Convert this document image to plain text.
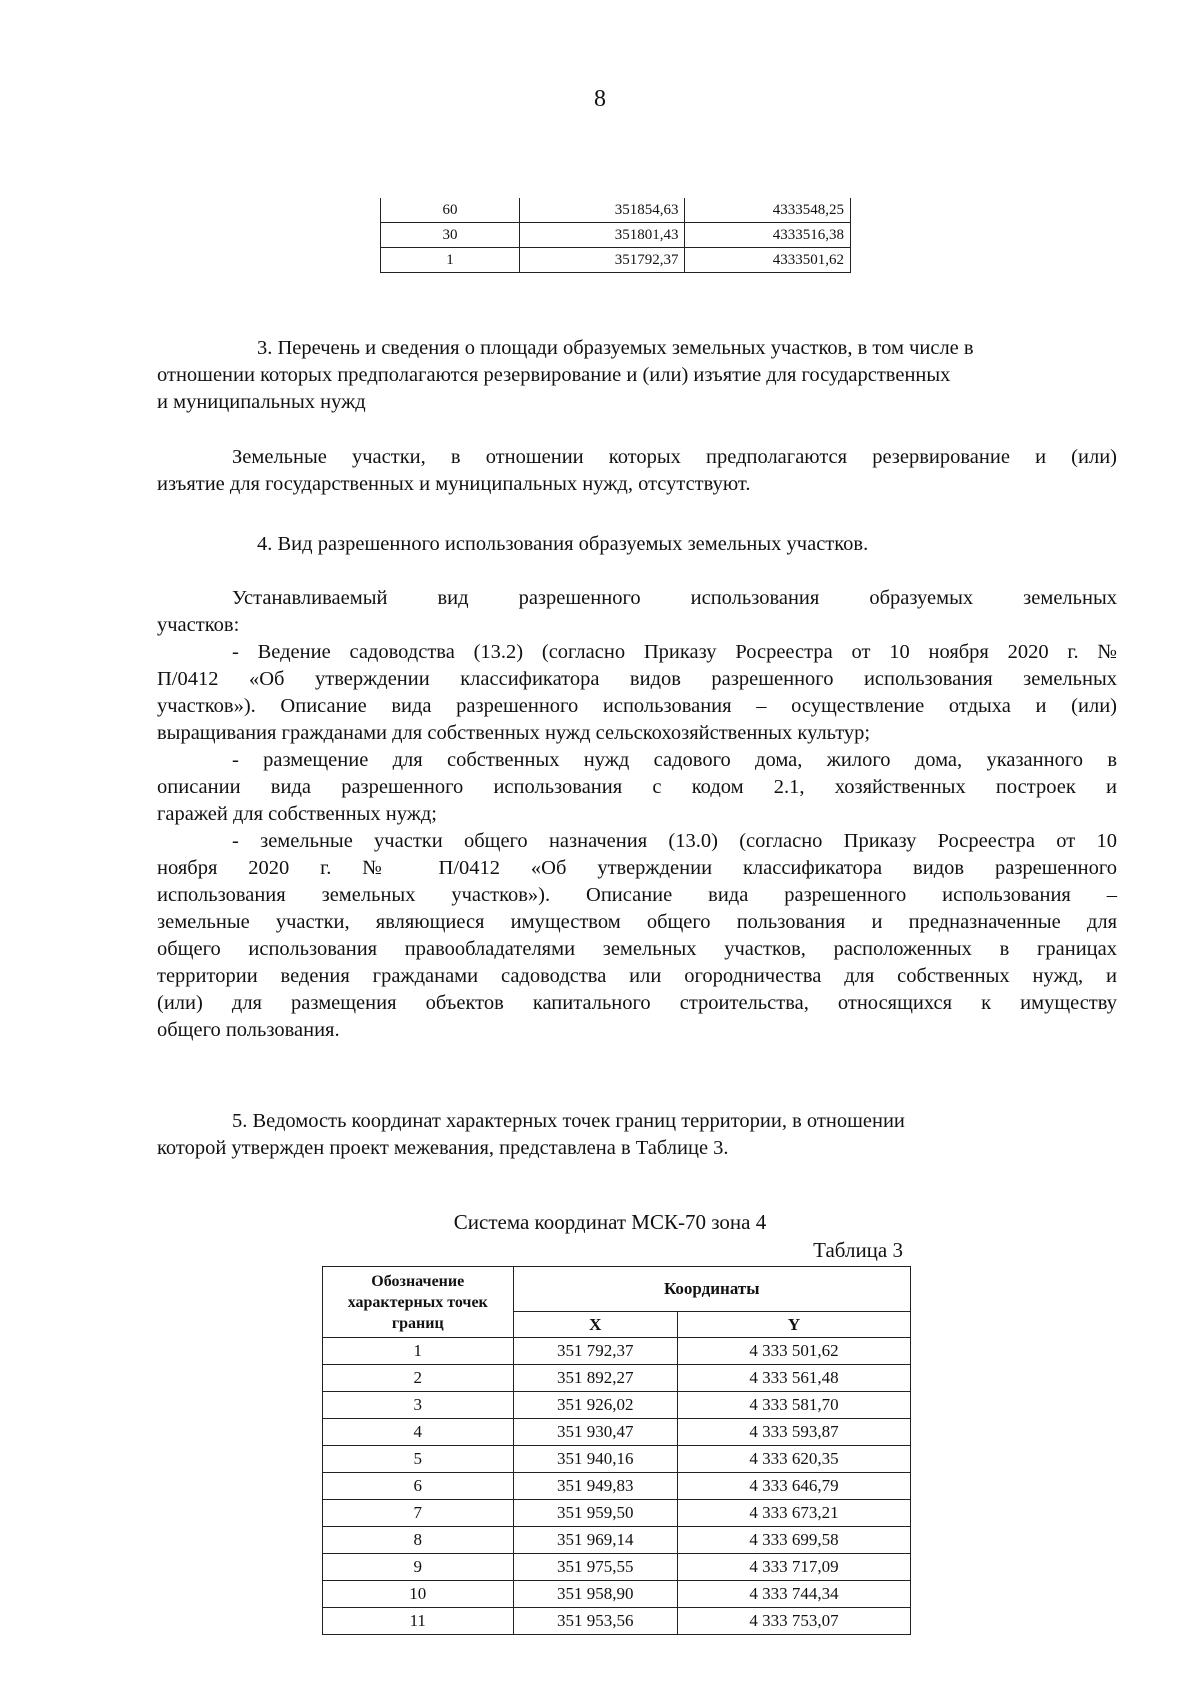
8
60	351854,63	4333548,25
30	351801,43	4333516,38
1	351792,37	4333501,62
3. Перечень и сведения о площади образуемых земельных участков, в том числе в
отношении которых предполагаются резервирование и (или) изъятие для государственных
и муниципальных нужд
Земельные участки, в отношении которых предполагаются резервирование и (или)
изъятие для государственных и муниципальных нужд, отсутствуют.
4. Вид разрешенного использования образуемых земельных участков.
Устанавливаемый вид разрешенного использования образуемых земельных
участков:
- Ведение садоводства (13.2) (согласно Приказу Росреестра от 10 ноября 2020 г. №
П/0412 «Об утверждении классификатора видов разрешенного использования земельных
участков»). Описание вида разрешенного использования – осуществление отдыха и (или)
выращивания гражданами для собственных нужд сельскохозяйственных культур;
- размещение для собственных нужд садового дома, жилого дома, указанного в
описании вида разрешенного использования с кодом 2.1, хозяйственных построек и
гаражей для собственных нужд;
- земельные участки общего назначения (13.0) (согласно Приказу Росреестра от 10
ноября 2020 г. № П/0412 «Об утверждении классификатора видов разрешенного
использования земельных участков»). Описание вида разрешенного использования –
земельные участки, являющиеся имуществом общего пользования и предназначенные для
общего использования правообладателями земельных участков, расположенных в границах
территории ведения гражданами садоводства или огородничества для собственных нужд, и
(или) для размещения объектов капитального строительства, относящихся к имуществу
общего пользования.
5. Ведомость координат характерных точек границ территории, в отношении
которой утвержден проект межевания, представлена в Таблице 3.
Система координат МСК-70 зона 4
Таблица 3
Обозначение характерных точек границ	Координаты	
	X	Y
1	351 792,37	4 333 501,62
2	351 892,27	4 333 561,48
3	351 926,02	4 333 581,70
4	351 930,47	4 333 593,87
5	351 940,16	4 333 620,35
6	351 949,83	4 333 646,79
7	351 959,50	4 333 673,21
8	351 969,14	4 333 699,58
9	351 975,55	4 333 717,09
10	351 958,90	4 333 744,34
11	351 953,56	4 333 753,07
